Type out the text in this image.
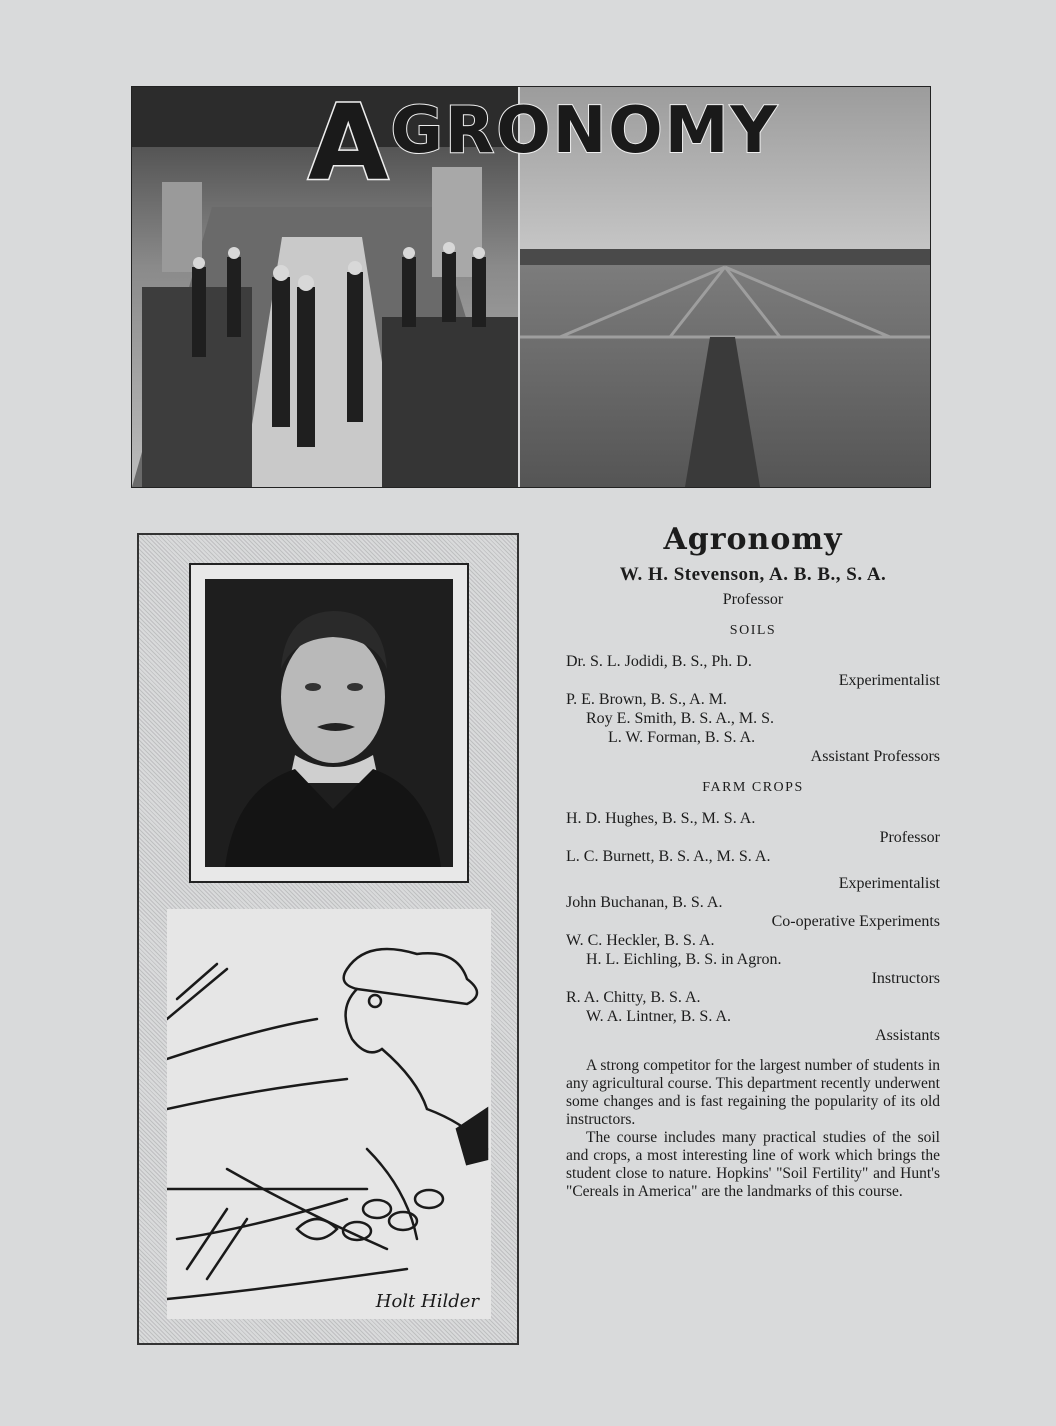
AGRONOMY
Holt Hilder
Agronomy
W. H. Stevenson, A. B. B., S. A.
Professor
SOILS
Dr. S. L. Jodidi, B. S., Ph. D.
Experimentalist
P. E. Brown, B. S., A. M.
Roy E. Smith, B. S. A., M. S.
L. W. Forman, B. S. A.
Assistant Professors
FARM CROPS
H. D. Hughes, B. S., M. S. A.
Professor
L. C. Burnett, B. S. A., M. S. A.
Experimentalist
John Buchanan, B. S. A.
Co-operative Experiments
W. C. Heckler, B. S. A.
H. L. Eichling, B. S. in Agron.
Instructors
R. A. Chitty, B. S. A.
W. A. Lintner, B. S. A.
Assistants

A strong competitor for the largest number of students in any agricultural course. This department recently underwent some changes and is fast regaining the popularity of its old instructors.

The course includes many practical studies of the soil and crops, a most interesting line of work which brings the student close to nature. Hopkins' "Soil Fertility" and Hunt's "Cereals in America" are the landmarks of this course.
